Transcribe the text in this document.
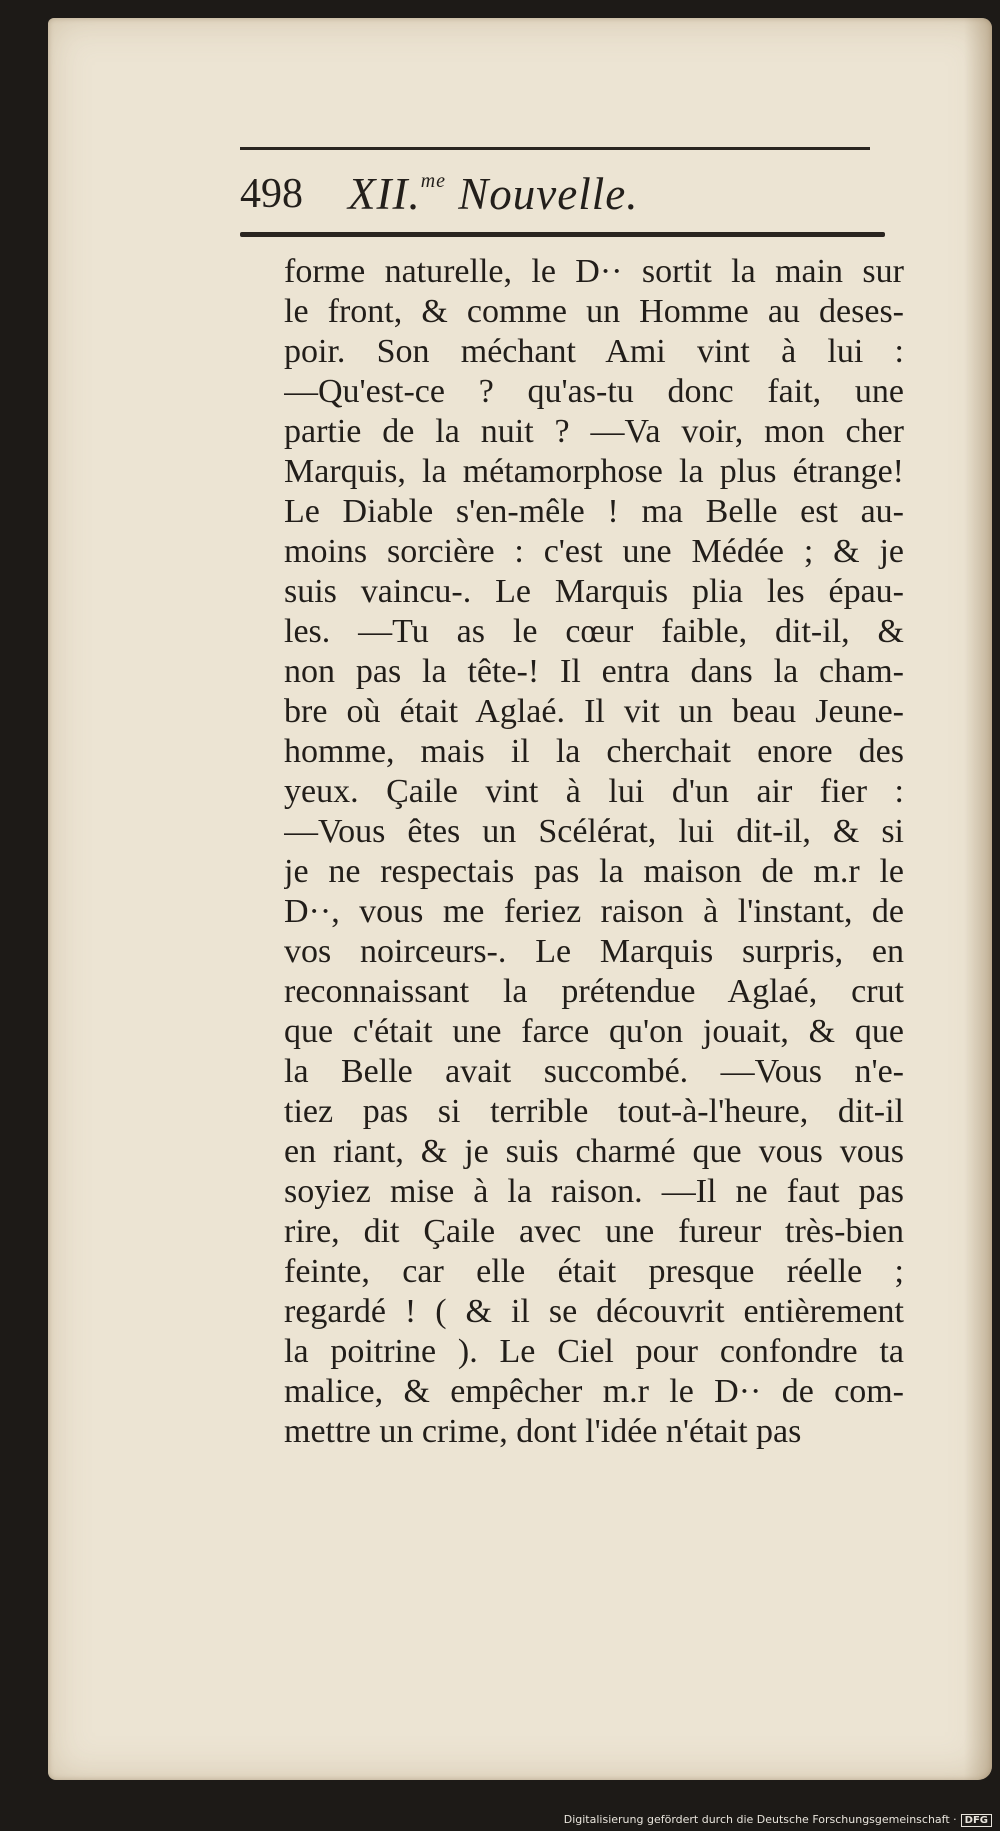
498 XII.$^{me}$ Nouvelle.
forme naturelle, le D·· sortit la main sur
le front, & comme un Homme au deses-
poir. Son méchant Ami vint à lui :
—Qu'est-ce ? qu'as-tu donc fait, une
partie de la nuit ? —Va voir, mon cher
Marquis, la métamorphose la plus étrange!
Le Diable s'en-mêle ! ma Belle est au-
moins sorcière : c'est une Médée ; & je
suis vaincu-. Le Marquis plia les épau-
les. —Tu as le cœur faible, dit-il, &
non pas la tête-! Il entra dans la cham-
bre où était Aglaé. Il vit un beau Jeune-
homme, mais il la cherchait enore des
yeux. Çaile vint à lui d'un air fier :
—Vous êtes un Scélérat, lui dit-il, & si
je ne respectais pas la maison de m.r le
D··, vous me feriez raison à l'instant, de
vos noirceurs-. Le Marquis surpris, en
reconnaissant la prétendue Aglaé, crut
que c'était une farce qu'on jouait, & que
la Belle avait succombé. —Vous n'e-
tiez pas si terrible tout-à-l'heure, dit-il
en riant, & je suis charmé que vous vous
soyiez mise à la raison. —Il ne faut pas
rire, dit Çaile avec une fureur très-bien
feinte, car elle était presque réelle ;
regardé ! ( & il se découvrit entièrement
la poitrine ). Le Ciel pour confondre ta
malice, & empêcher m.r le D·· de com-
mettre un crime, dont l'idée n'était pas
Digitalisierung gefördert durch die Deutsche Forschungsgemeinschaft · DFG
